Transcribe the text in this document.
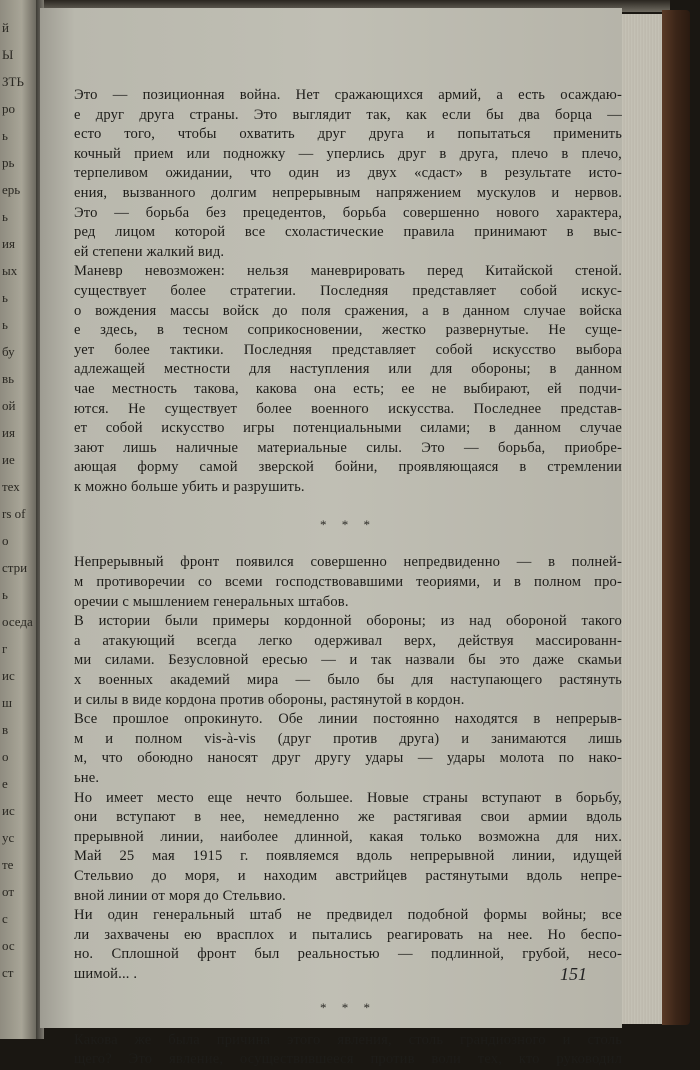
й
Ы
ЗТЬ
ро
ь
рь
ерь
ь
ия
ых
ь
ь
бу
вь
ой
ия
ие
тех
rs of
о
стри
ь
оседа
г
ис
ш
в
о
е
ис
ус
те
от
с
ос
ст
Это — позиционная война. Нет сражающихся армий, а есть осаждаю-
е друг друга страны. Это выглядит так, как если бы два борца —
есто того, чтобы охватить друг друга и попытаться применить
кочный прием или подножку — уперлись друг в друга, плечо в плечо,
терпеливом ожидании, что один из двух «сдаст» в результате исто-
ения, вызванного долгим непрерывным напряжением мускулов и нервов.
Это — борьба без прецедентов, борьба совершенно нового характера,
ред лицом которой все схоластические правила принимают в выс-
ей степени жалкий вид.
Маневр невозможен: нельзя маневрировать перед Китайской стеной.
существует более стратегии. Последняя представляет собой искус-
о вождения массы войск до поля сражения, а в данном случае войска
е здесь, в тесном соприкосновении, жестко развернутые. Не суще-
ует более тактики. Последняя представляет собой искусство выбора
адлежащей местности для наступления или для обороны; в данном
чае местность такова, какова она есть; ее не выбирают, ей подчи-
ются. Не существует более военного искусства. Последнее представ-
ет собой искусство игры потенциальными силами; в данном случае
зают лишь наличные материальные силы. Это — борьба, приобре-
ающая форму самой зверской бойни, проявляющаяся в стремлении
к можно больше убить и разрушить.
* * *
Непрерывный фронт появился совершенно непредвиденно — в полней-
м противоречии со всеми господствовавшими теориями, и в полном про-
оречии с мышлением генеральных штабов.
В истории были примеры кордонной обороны; из над обороной такого
а атакующий всегда легко одерживал верх, действуя массированн-
ми силами. Безусловной ересью — и так назвали бы это даже скамьи
х военных академий мира — было бы для наступающего растянуть
и силы в виде кордона против обороны, растянутой в кордон.
Все прошлое опрокинуто. Обе линии постоянно находятся в непрерыв-
м и полном vis-à-vis (друг против друга) и занимаются лишь
м, что обоюдно наносят друг другу удары — удары молота по нако-
ьне.
Но имеет место еще нечто большее. Новые страны вступают в борьбу,
они вступают в нее, немедленно же растягивая свои армии вдоль
прерывной линии, наиболее длинной, какая только возможна для них.
Май 25 мая 1915 г. появляемся вдоль непрерывной линии, идущей
Стельвио до моря, и находим австрийцев растянутыми вдоль непре-
вной линии от моря до Стельвио.
Ни один генеральный штаб не предвидел подобной формы войны; все
ли захвачены ею врасплох и пытались реагировать на нее. Но беспо-
но. Сплошной фронт был реальностью — подлинной, грубой, несо-
шимой... .
* * *
Какова же была причина этого явления, столь грандиозного и столь
щего? Это явление, осуществившееся против воли тех, кто руководил
151
